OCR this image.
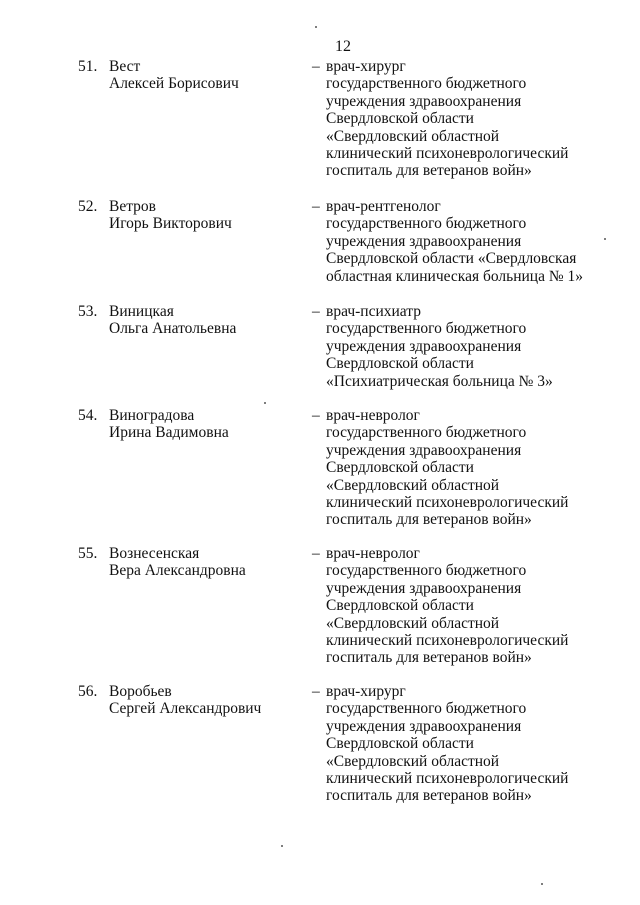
12
51. Вест
Алексей Борисович
– врач-хирург
государственного бюджетного
учреждения здравоохранения
Свердловской области
«Свердловский областной
клинический психоневрологический
госпиталь для ветеранов войн»
52. Ветров
Игорь Викторович
– врач-рентгенолог
государственного бюджетного
учреждения здравоохранения
Свердловской области «Свердловская
областная клиническая больница № 1»
53. Виницкая
Ольга Анатольевна
– врач-психиатр
государственного бюджетного
учреждения здравоохранения
Свердловской области
«Психиатрическая больница № 3»
54. Виноградова
Ирина Вадимовна
– врач-невролог
государственного бюджетного
учреждения здравоохранения
Свердловской области
«Свердловский областной
клинический психоневрологический
госпиталь для ветеранов войн»
55. Вознесенская
Вера Александровна
– врач-невролог
государственного бюджетного
учреждения здравоохранения
Свердловской области
«Свердловский областной
клинический психоневрологический
госпиталь для ветеранов войн»
56. Воробьев
Сергей Александрович
– врач-хирург
государственного бюджетного
учреждения здравоохранения
Свердловской области
«Свердловский областной
клинический психоневрологический
госпиталь для ветеранов войн»
